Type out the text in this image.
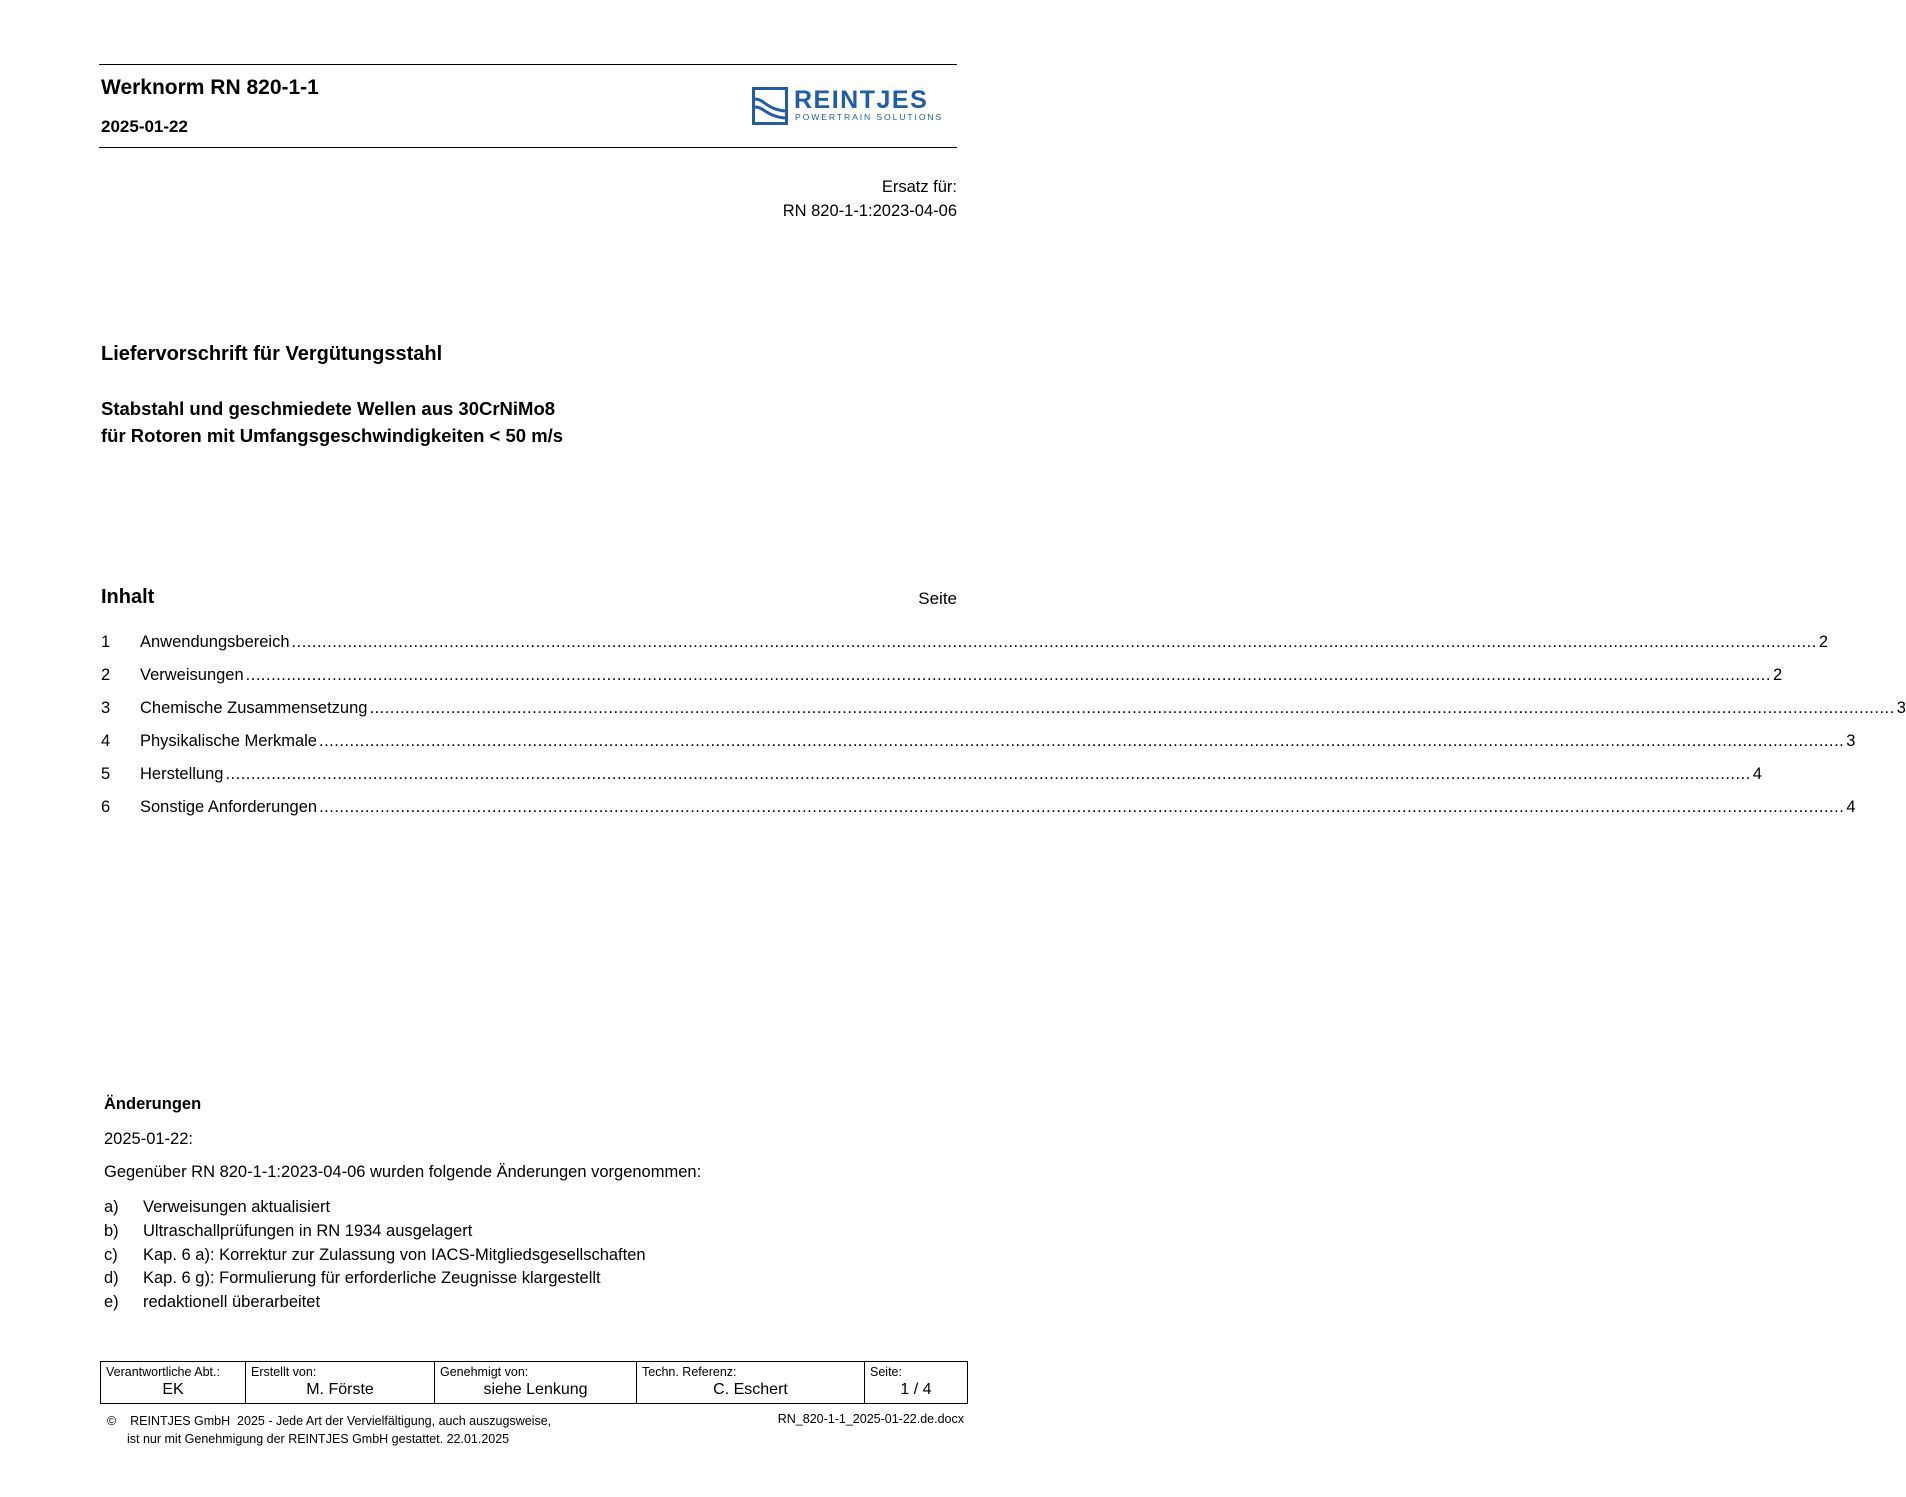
Werknorm RN 820-1-1
2025-01-22
REINTJES
POWERTRAIN SOLUTIONS
Ersatz für:
RN 820-1-1:2023-04-06
Liefervorschrift für Vergütungsstahl
Stabstahl und geschmiedete Wellen aus 30CrNiMo8
für Rotoren mit Umfangsgeschwindigkeiten < 50 m/s
Inhalt	Seite
1	Anwendungsbereich ............................................................................................................................................................................................................................................................................................................ 2
2	Verweisungen ............................................................................................................................................................................................................................................................................................................ 2
3	Chemische Zusammensetzung ............................................................................................................................................................................................................................................................................................................ 3
4	Physikalische Merkmale ............................................................................................................................................................................................................................................................................................................ 3
5	Herstellung ............................................................................................................................................................................................................................................................................................................ 4
6	Sonstige Anforderungen ............................................................................................................................................................................................................................................................................................................ 4
Änderungen
2025-01-22:
Gegenüber RN 820-1-1:2023-04-06 wurden folgende Änderungen vorgenommen:
a)	Verweisungen aktualisiert
b)	Ultraschallprüfungen in RN 1934 ausgelagert
c)	Kap. 6 a): Korrektur zur Zulassung von IACS-Mitgliedsgesellschaften
d)	Kap. 6 g): Formulierung für erforderliche Zeugnisse klargestellt
e)	redaktionell überarbeitet
Verantwortliche Abt.:
EK

Erstellt von:
M. Förste

Genehmigt von:
siehe Lenkung

Techn. Referenz:
C. Eschert

Seite:
1 / 4
©    REINTJES GmbH  2025 - Jede Art der Vervielfältigung, auch auszugsweise,
ist nur mit Genehmigung der REINTJES GmbH gestattet. 22.01.2025
RN_820-1-1_2025-01-22.de.docx
